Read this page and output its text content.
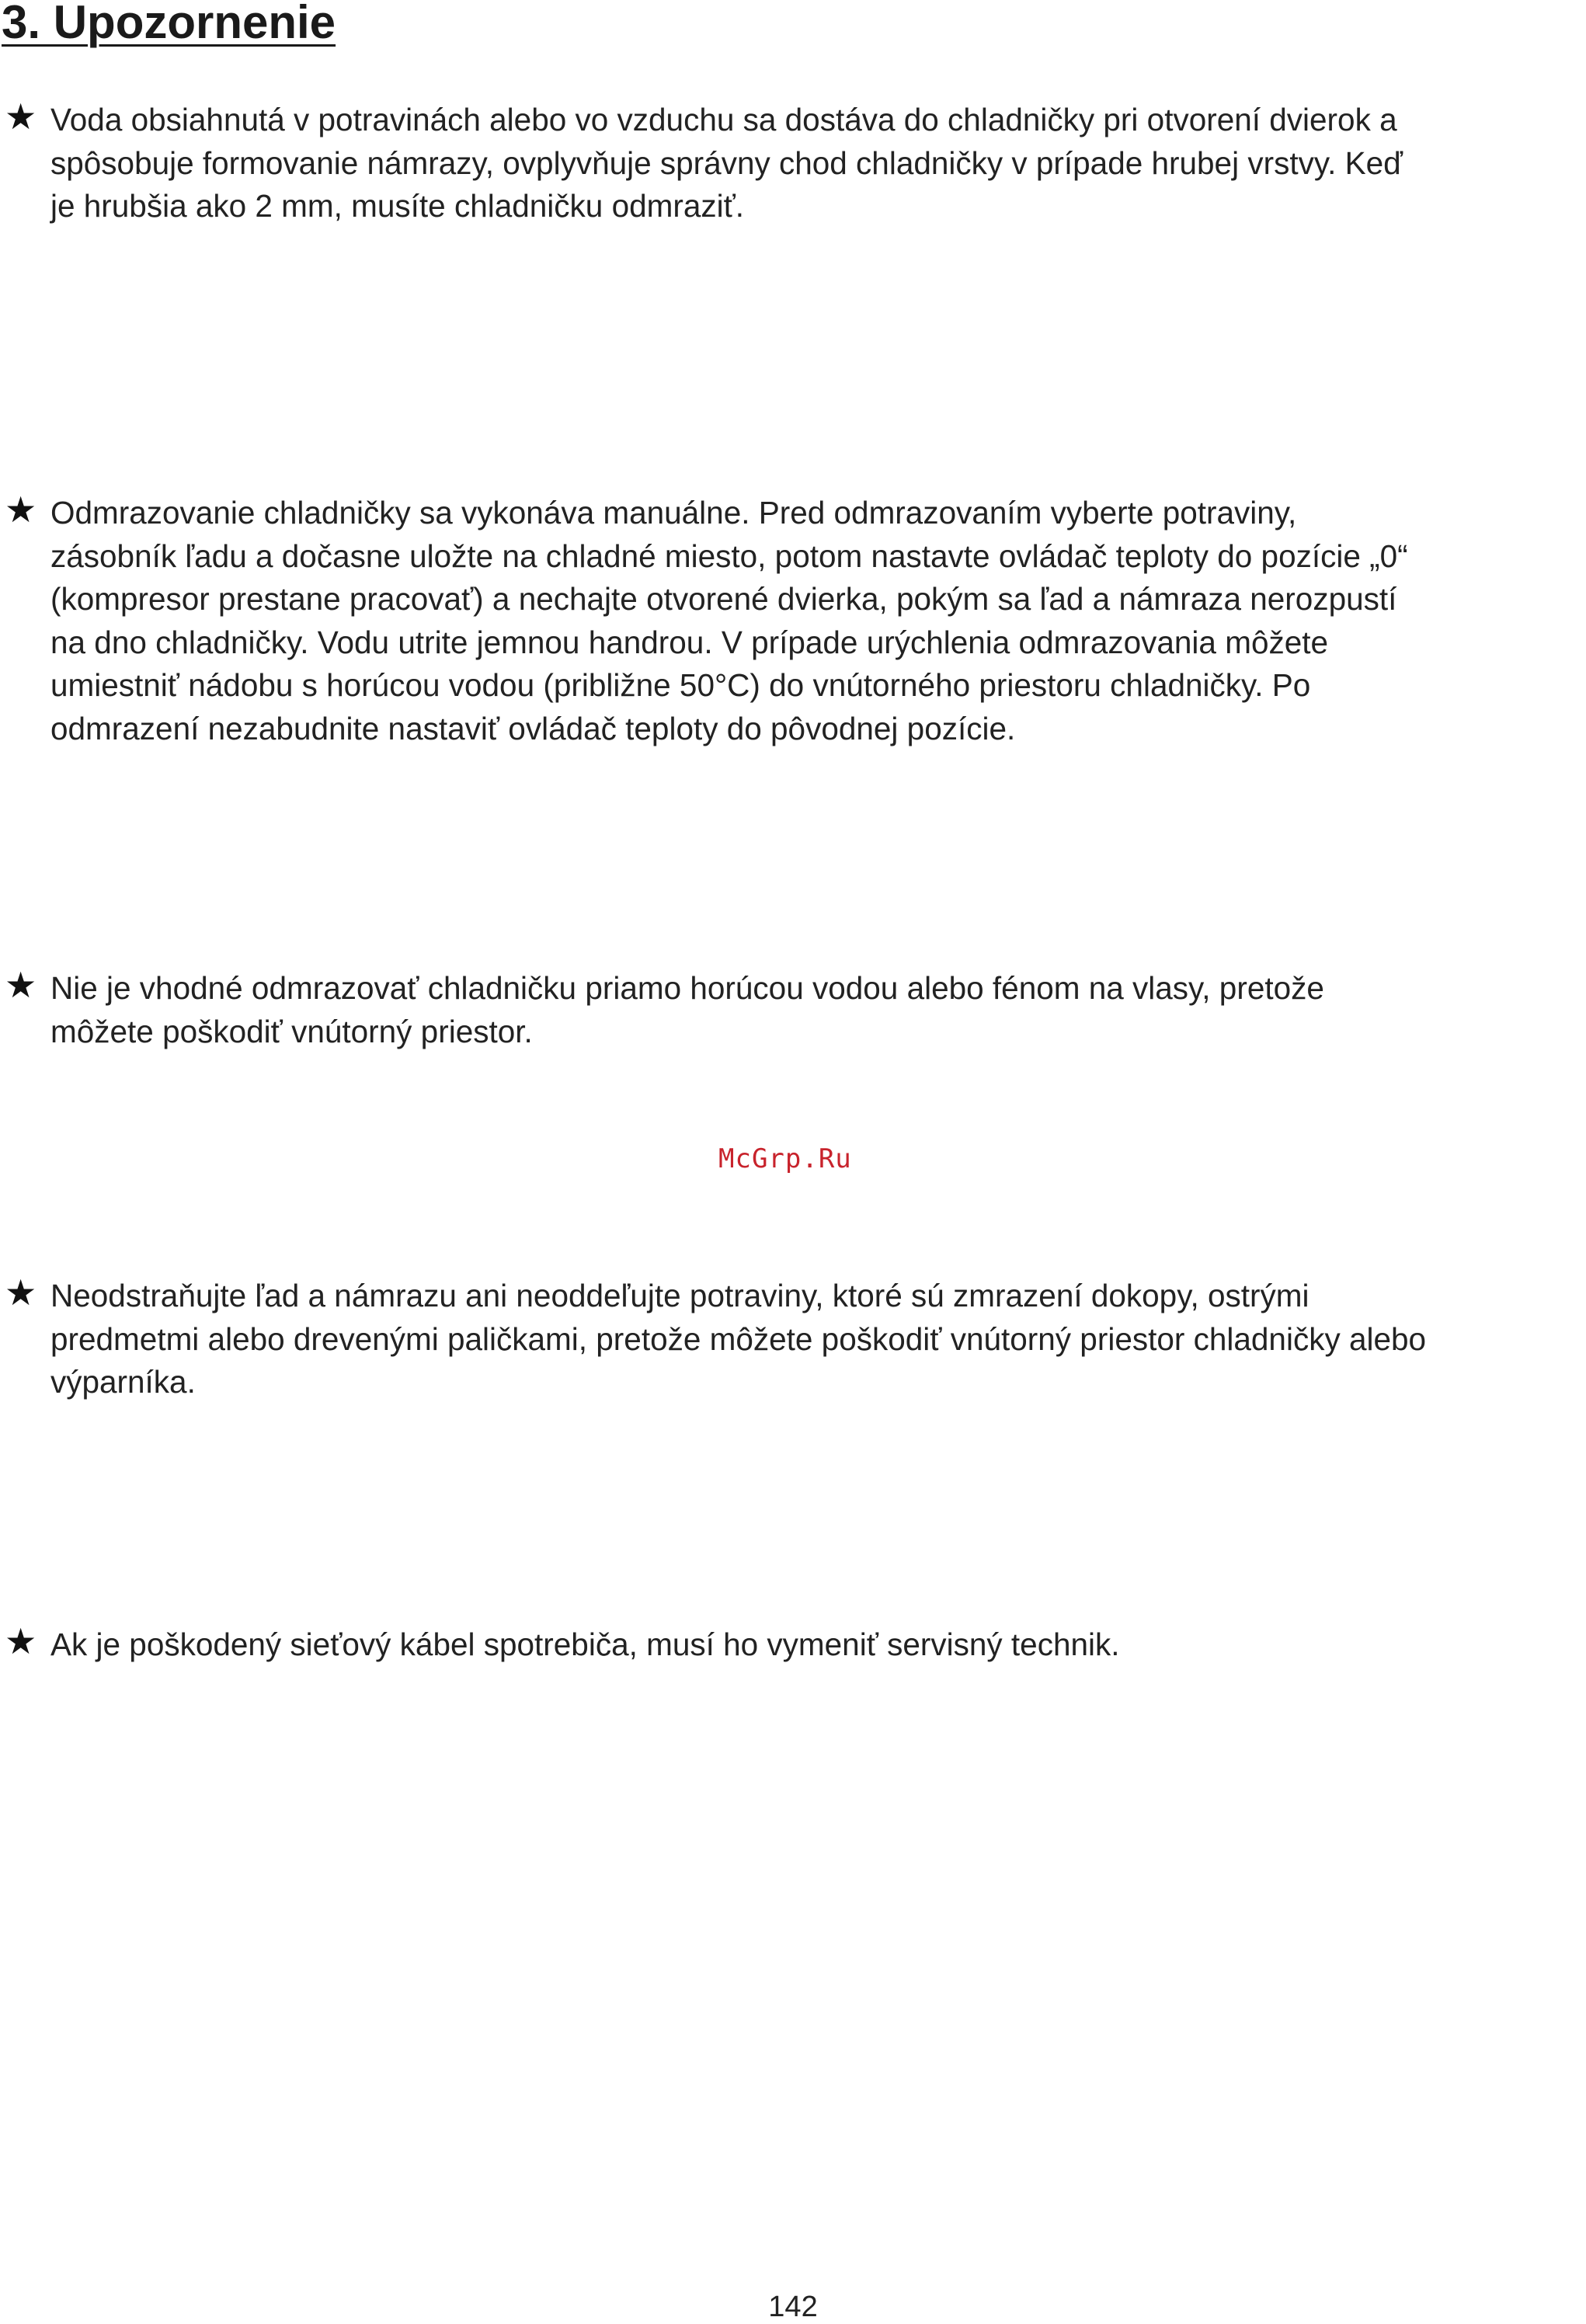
3. Upozornenie
★ Voda obsiahnutá v potravinách alebo vo vzduchu sa dostáva do chladničky pri otvorení dvierok a
spôsobuje formovanie námrazy, ovplyvňuje správny chod chladničky v prípade hrubej vrstvy. Keď
je hrubšia ako 2 mm, musíte chladničku odmraziť.
★ Odmrazovanie chladničky sa vykonáva manuálne. Pred odmrazovaním vyberte potraviny,
zásobník ľadu a dočasne uložte na chladné miesto, potom nastavte ovládač teploty do pozície „0“
(kompresor prestane pracovať) a nechajte otvorené dvierka, pokým sa ľad a námraza nerozpustí
na dno chladničky. Vodu utrite jemnou handrou. V prípade urýchlenia odmrazovania môžete
umiestniť nádobu s horúcou vodou (približne 50°C) do vnútorného priestoru chladničky. Po
odmrazení nezabudnite nastaviť ovládač teploty do pôvodnej pozície.
★ Nie je vhodné odmrazovať chladničku priamo horúcou vodou alebo fénom na vlasy, pretože
môžete poškodiť vnútorný priestor.
McGrp.Ru
★ Neodstraňujte ľad a námrazu ani neoddeľujte potraviny, ktoré sú zmrazení dokopy, ostrými
predmetmi alebo drevenými paličkami, pretože môžete poškodiť vnútorný priestor chladničky alebo
výparníka.
★ Ak je poškodený sieťový kábel spotrebiča, musí ho vymeniť servisný technik.
142
